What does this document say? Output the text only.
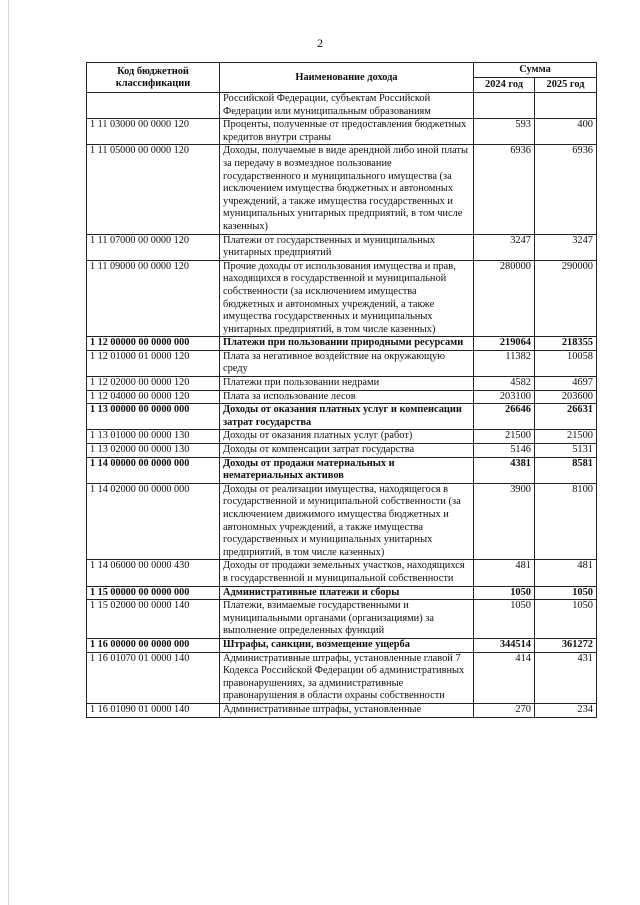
2
Код бюджетной классификации	Наименование дохода	Сумма	
		2024 год	2025 год
	Российской Федерации, субъектам Российской Федерации или муниципальным образованиям		
1 11 03000 00 0000 120	Проценты, полученные от предоставления бюджетных кредитов внутри страны	593	400
1 11 05000 00 0000 120	Доходы, получаемые в виде арендной либо иной платы за передачу в возмездное пользование государственного и муниципального имущества (за исключением имущества бюджетных и автономных учреждений, а также имущества государственных и муниципальных унитарных предприятий, в том числе казенных)	6936	6936
1 11 07000 00 0000 120	Платежи от государственных и муниципальных унитарных предприятий	3247	3247
1 11 09000 00 0000 120	Прочие доходы от использования имущества и прав, находящихся в государственной и муниципальной собственности (за исключением имущества бюджетных и автономных учреждений, а также имущества государственных и муниципальных унитарных предприятий, в том числе казенных)	280000	290000
1 12 00000 00 0000 000	Платежи при пользовании природными ресурсами	219064	218355
1 12 01000 01 0000 120	Плата за негативное воздействие на окружающую среду	11382	10058
1 12 02000 00 0000 120	Платежи при пользовании недрами	4582	4697
1 12 04000 00 0000 120	Плата за использование лесов	203100	203600
1 13 00000 00 0000 000	Доходы от оказания платных услуг и компенсации затрат государства	26646	26631
1 13 01000 00 0000 130	Доходы от оказания платных услуг (работ)	21500	21500
1 13 02000 00 0000 130	Доходы от компенсации затрат государства	5146	5131
1 14 00000 00 0000 000	Доходы от продажи материальных и нематериальных активов	4381	8581
1 14 02000 00 0000 000	Доходы от реализации имущества, находящегося в государственной и муниципальной собственности (за исключением движимого имущества бюджетных и автономных учреждений, а также имущества государственных и муниципальных унитарных предприятий, в том числе казенных)	3900	8100
1 14 06000 00 0000 430	Доходы от продажи земельных участков, находящихся в государственной и муниципальной собственности	481	481
1 15 00000 00 0000 000	Административные платежи и сборы	1050	1050
1 15 02000 00 0000 140	Платежи, взимаемые государственными и муниципальными органами (организациями) за выполнение определенных функций	1050	1050
1 16 00000 00 0000 000	Штрафы, санкции, возмещение ущерба	344514	361272
1 16 01070 01 0000 140	Административные штрафы, установленные главой 7 Кодекса Российской Федерации об административных правонарушениях, за административные правонарушения в области охраны собственности	414	431
1 16 01090 01 0000 140	Административные штрафы, установленные	270	234
